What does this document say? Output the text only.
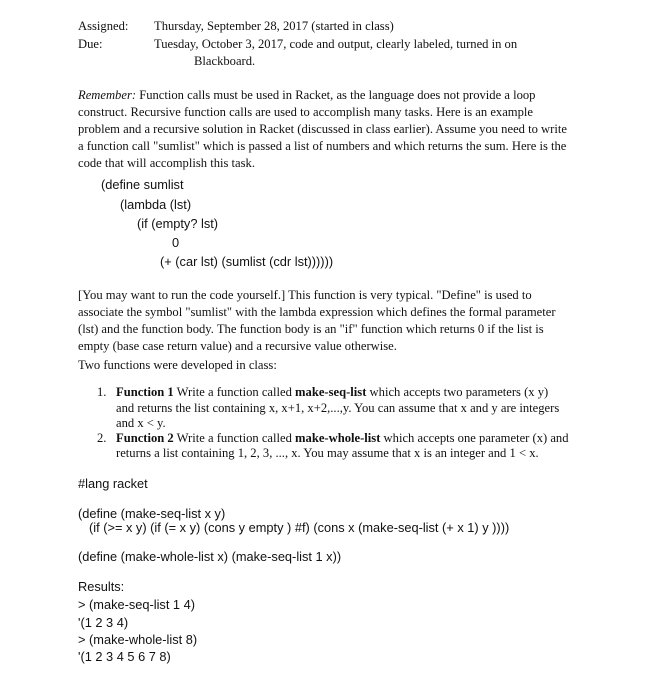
Assigned: Thursday, September 28, 2017 (started in class)
Due:	Tuesday, October 3, 2017, code and output, clearly labeled, turned in on
Blackboard.
Remember: Function calls must be used in Racket, as the language does not provide a loop
construct. Recursive function calls are used to accomplish many tasks. Here is an example
problem and a recursive solution in Racket (discussed in class earlier). Assume you need to write
a function call "sumlist" which is passed a list of numbers and which returns the sum. Here is the
code that will accomplish this task.
(define sumlist
(lambda (lst)
(if (empty? lst)
0
(+ (car lst) (sumlist (cdr lst))))))
[You may want to run the code yourself.] This function is very typical. "Define" is used to
associate the symbol "sumlist" with the lambda expression which defines the formal parameter
(lst) and the function body. The function body is an "if" function which returns 0 if the list is
empty (base case return value) and a recursive value otherwise.
Two functions were developed in class:
1. Function 1 Write a function called make-seq-list which accepts two parameters (x y)
and returns the list containing x, x+1, x+2,...,y. You can assume that x and y are integers
and x < y.
2. Function 2 Write a function called make-whole-list which accepts one parameter (x) and
returns a list containing 1, 2, 3, ..., x. You may assume that x is an integer and 1 < x.
#lang racket
(define (make-seq-list x y)
(if (>= x y) (if (= x y) (cons y empty ) #f) (cons x (make-seq-list (+ x 1) y ))))
(define (make-whole-list x) (make-seq-list 1 x))
Results:
> (make-seq-list 1 4)
'(1 2 3 4)
> (make-whole-list 8)
'(1 2 3 4 5 6 7 8)
